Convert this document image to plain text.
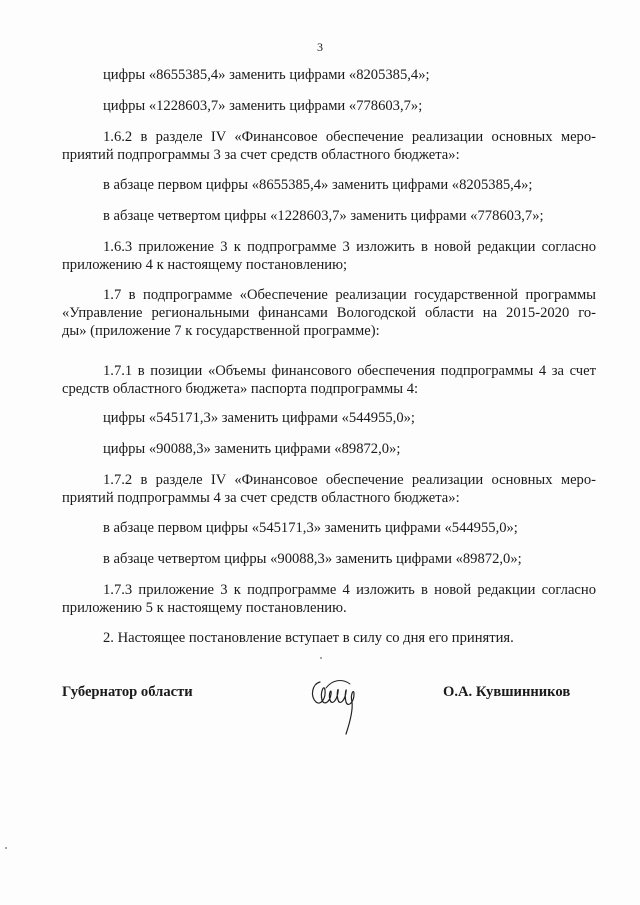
3
цифры «8655385,4» заменить цифрами «8205385,4»;
цифры «1228603,7» заменить цифрами «778603,7»;
1.6.2 в разделе IV «Финансовое обеспечение реализации основных меро-
приятий подпрограммы 3 за счет средств областного бюджета»:
в абзаце первом цифры «8655385,4» заменить цифрами «8205385,4»;
в абзаце четвертом цифры «1228603,7» заменить цифрами «778603,7»;
1.6.3 приложение 3 к подпрограмме 3 изложить в новой редакции согласно
приложению 4 к настоящему постановлению;
1.7 в подпрограмме «Обеспечение реализации государственной программы
«Управление региональными финансами Вологодской области на 2015-2020 го-
ды» (приложение 7 к государственной программе):
1.7.1 в позиции «Объемы финансового обеспечения подпрограммы 4 за счет
средств областного бюджета» паспорта подпрограммы 4:
цифры «545171,3» заменить цифрами «544955,0»;
цифры «90088,3» заменить цифрами «89872,0»;
1.7.2 в разделе IV «Финансовое обеспечение реализации основных меро-
приятий подпрограммы 4 за счет средств областного бюджета»:
в абзаце первом цифры «545171,3» заменить цифрами «544955,0»;
в абзаце четвертом цифры «90088,3» заменить цифрами «89872,0»;
1.7.3 приложение 3 к подпрограмме 4 изложить в новой редакции согласно
приложению 5 к настоящему постановлению.
2. Настоящее постановление вступает в силу со дня его принятия.
Губернатор области	О.А. Кувшинников
